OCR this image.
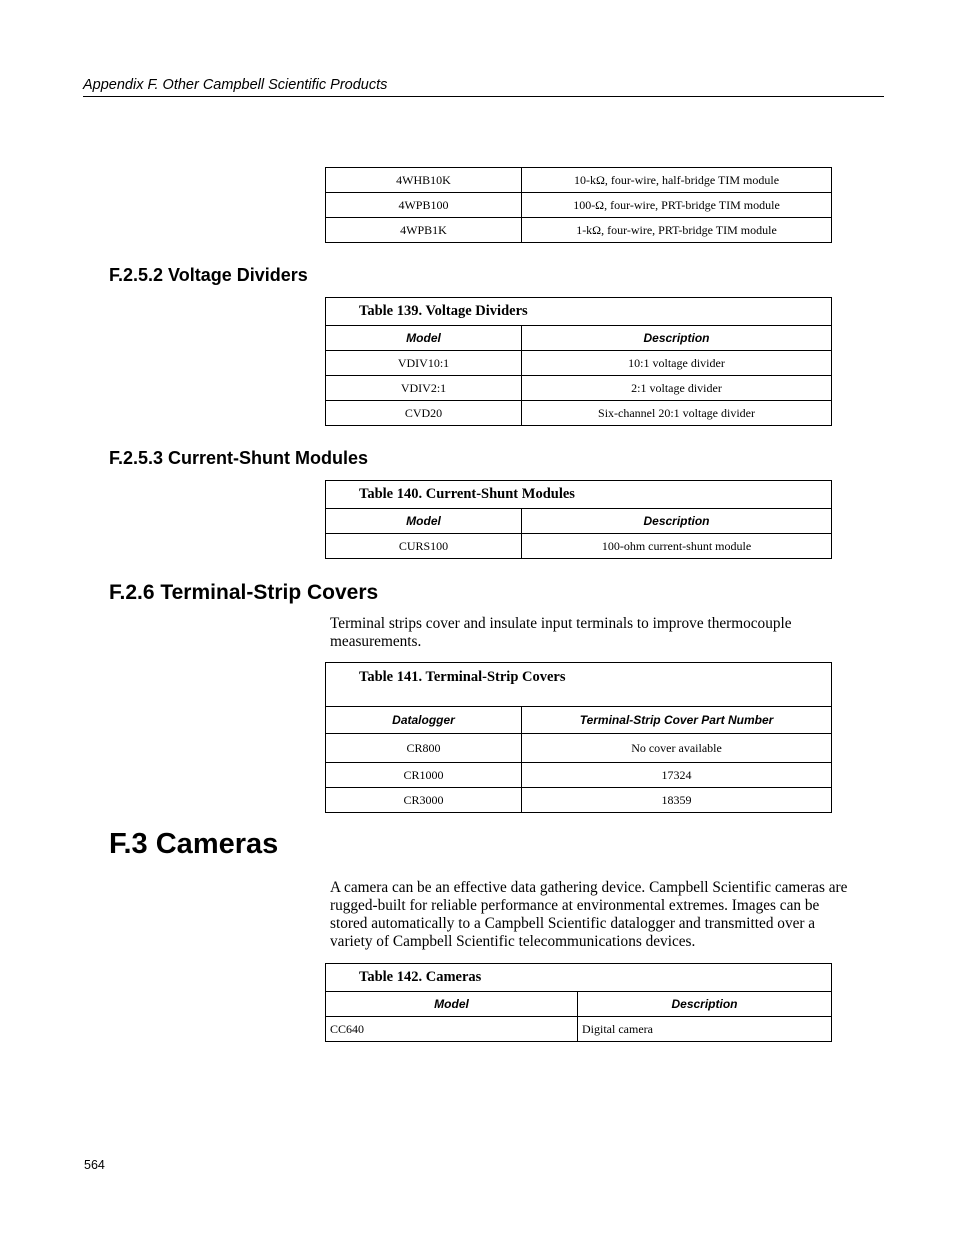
Appendix F. Other Campbell Scientific Products
4WHB10K	10-kΩ, four-wire, half-bridge TIM module
4WPB100	100-Ω, four-wire, PRT-bridge TIM module
4WPB1K	1-kΩ, four-wire, PRT-bridge TIM module
F.2.5.2 Voltage Dividers
Table 139. Voltage Dividers	
Model	Description
VDIV10:1	10:1 voltage divider
VDIV2:1	2:1 voltage divider
CVD20	Six-channel 20:1 voltage divider
F.2.5.3 Current-Shunt Modules
Table 140. Current-Shunt Modules	
Model	Description
CURS100	100-ohm current-shunt module
F.2.6 Terminal-Strip Covers

Terminal strips cover and insulate input terminals to improve thermocouple measurements.

Table 141. Terminal-Strip Covers	
Datalogger	Terminal-Strip Cover Part Number
CR800	No cover available
CR1000	17324
CR3000	18359
F.3 Cameras

A camera can be an effective data gathering device. Campbell Scientific cameras are rugged-built for reliable performance at environmental extremes. Images can be stored automatically to a Campbell Scientific datalogger and transmitted over a variety of Campbell Scientific telecommunications devices.

Table 142. Cameras	
Model	Description
CC640	Digital camera
564
